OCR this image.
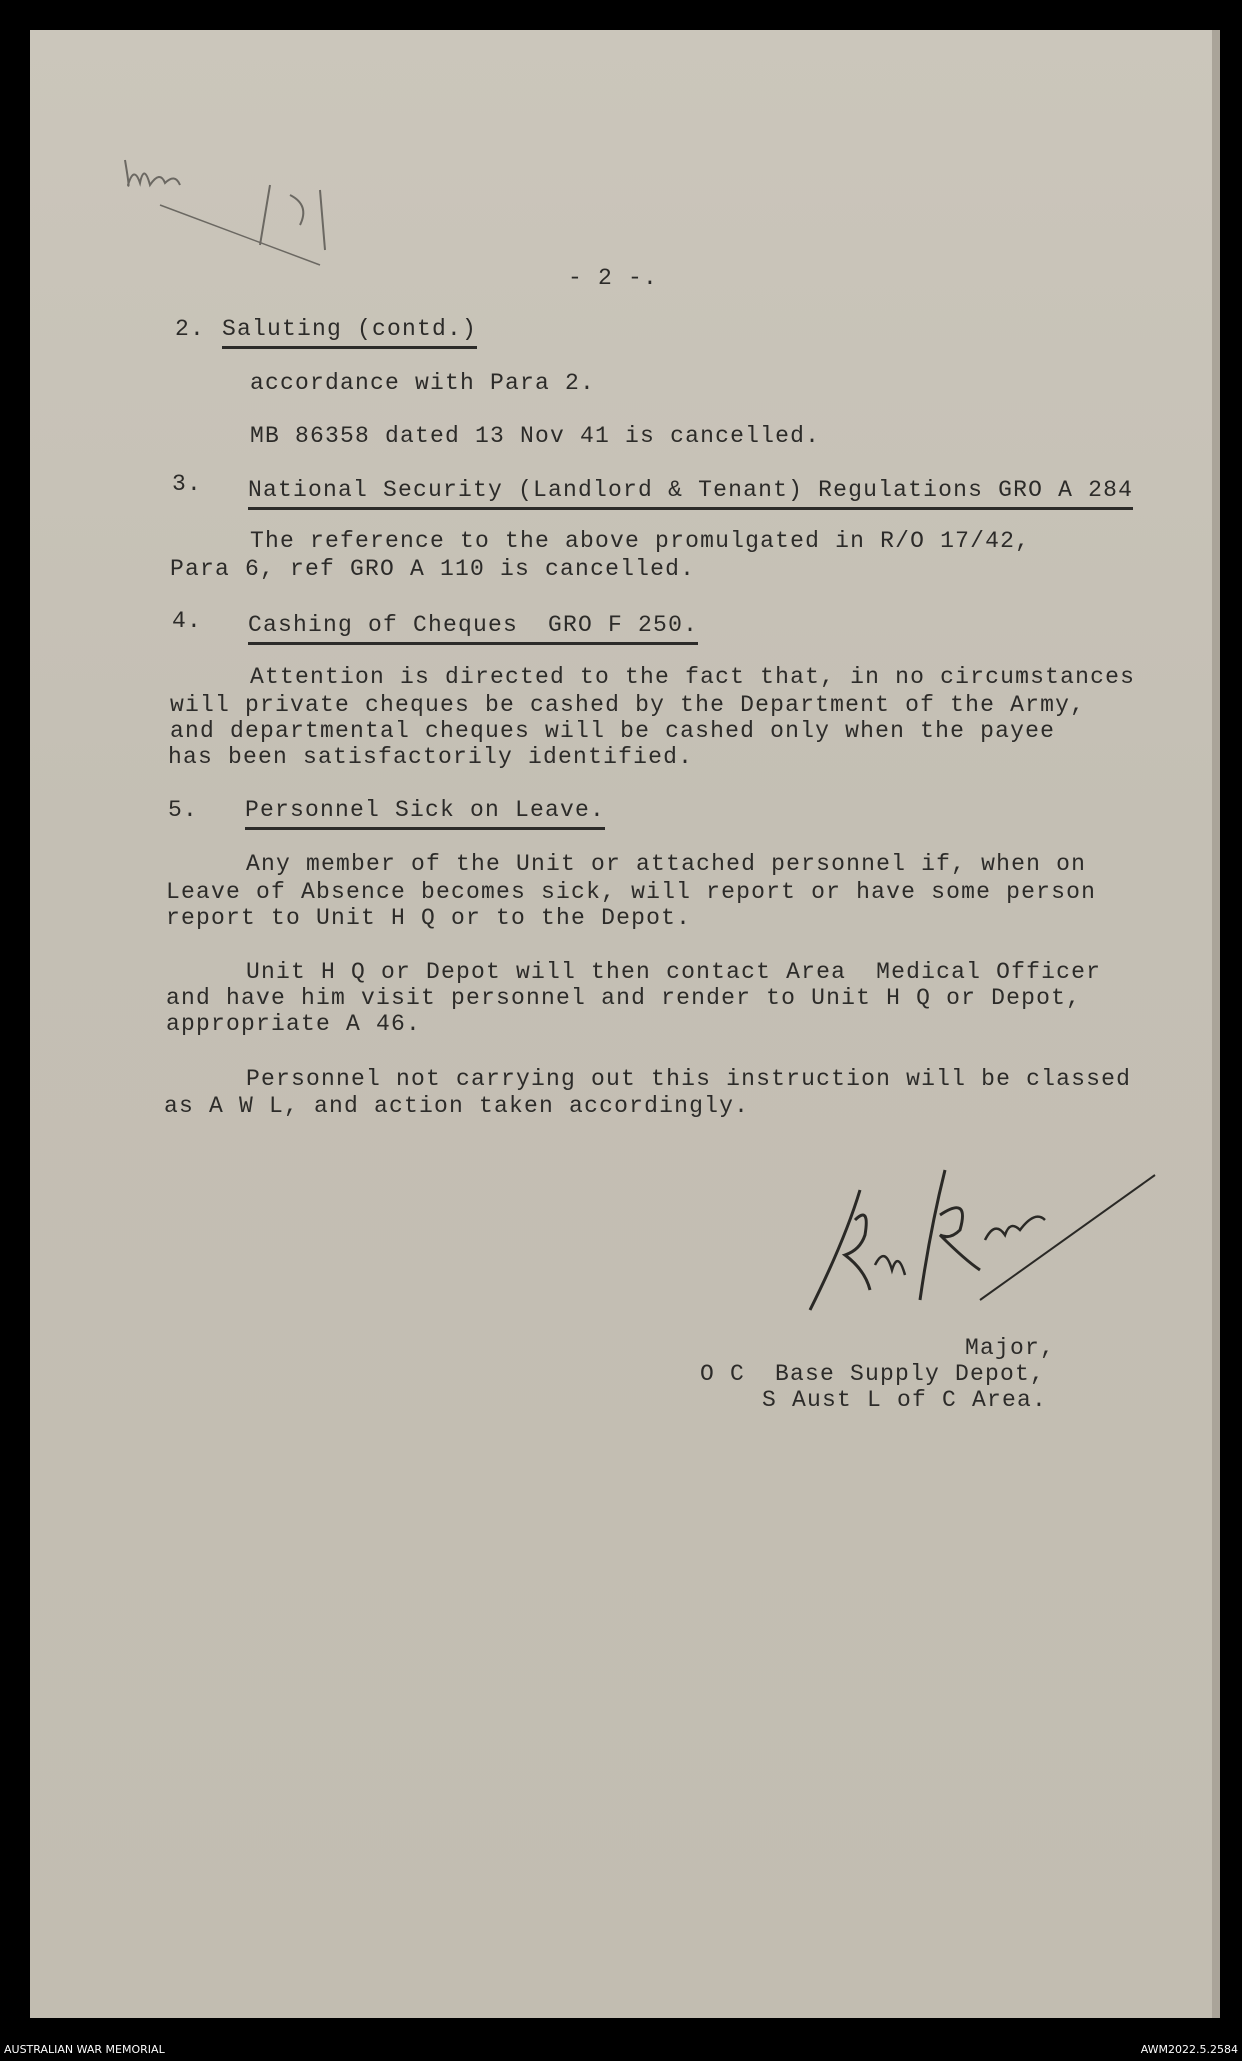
- 2 -.
2. Saluting (contd.)
accordance with Para 2.
MB 86358 dated 13 Nov 41 is cancelled.
3. National Security (Landlord & Tenant) Regulations GRO A 284
The reference to the above promulgated in R/O 17/42,
Para 6, ref GRO A 110 is cancelled.
4. Cashing of Cheques  GRO F 250.
Attention is directed to the fact that, in no circumstances
will private cheques be cashed by the Department of the Army,
and departmental cheques will be cashed only when the payee
has been satisfactorily identified.
5. Personnel Sick on Leave.
Any member of the Unit or attached personnel if, when on
Leave of Absence becomes sick, will report or have some person
report to Unit H Q or to the Depot.
Unit H Q or Depot will then contact Area  Medical Officer
and have him visit personnel and render to Unit H Q or Depot,
appropriate A 46.
Personnel not carrying out this instruction will be classed
as A W L, and action taken accordingly.
Major,
O C  Base Supply Depot,
S Aust L of C Area.
AUSTRALIAN WAR MEMORIAL	AWM2022.5.2584
